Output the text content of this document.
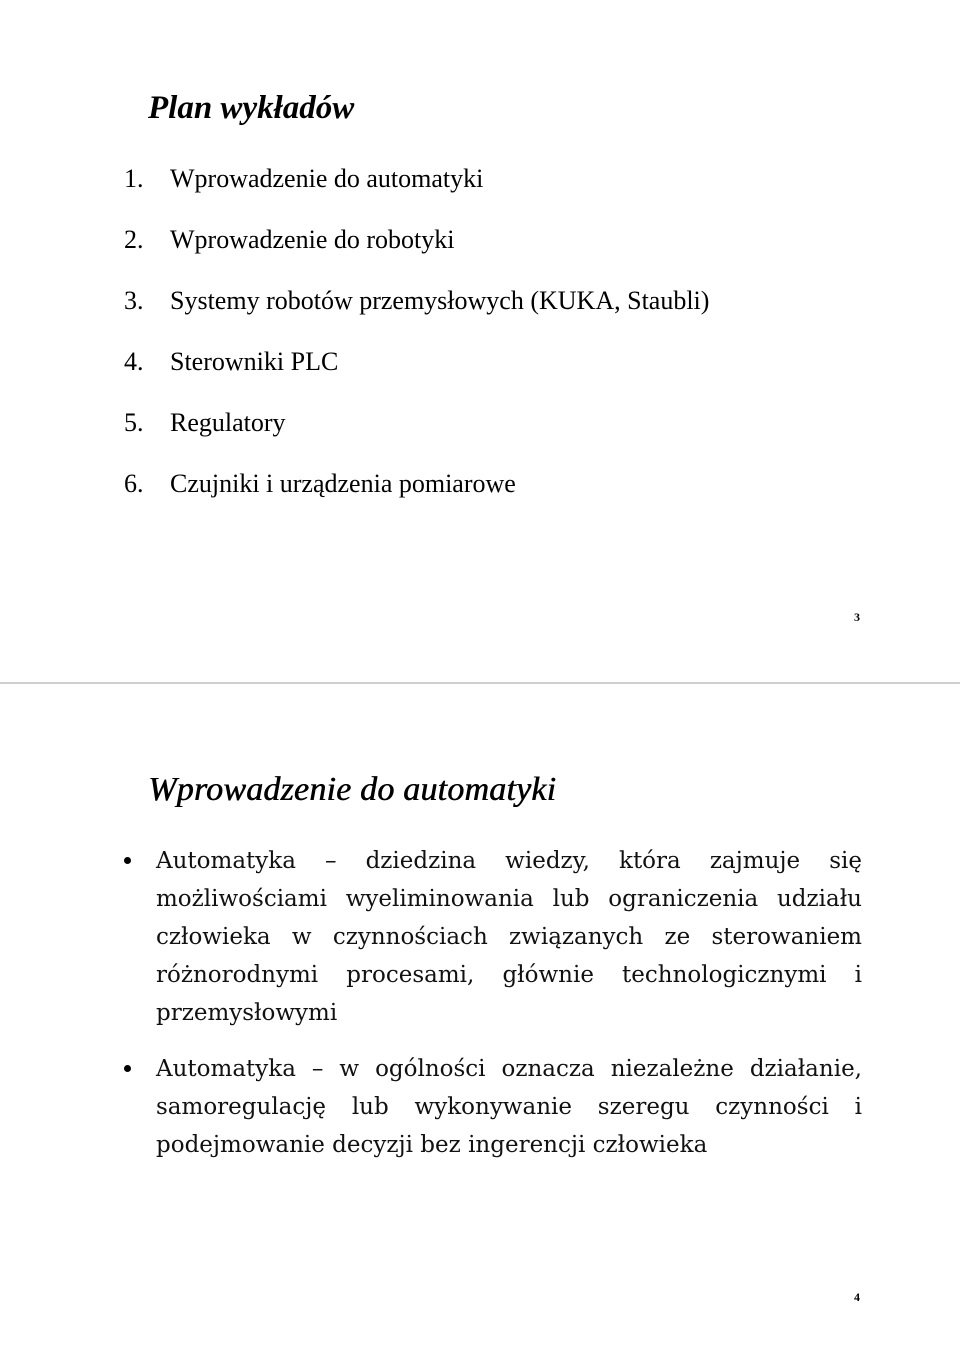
Plan wykładów
1. Wprowadzenie do automatyki
2. Wprowadzenie do robotyki
3. Systemy robotów przemysłowych (KUKA, Staubli)
4. Sterowniki PLC
5. Regulatory
6. Czujniki i urządzenia pomiarowe
3
Wprowadzenie do automatyki
Automatyka – dziedzina wiedzy, która zajmuje się możliwościami wyeliminowania lub ograniczenia udziału człowieka w czynnościach związanych ze sterowaniem różnorodnymi procesami, głównie technologicznymi i przemysłowymi
Automatyka – w ogólności oznacza niezależne działanie, samoregulację lub wykonywanie szeregu czynności i podejmowanie decyzji bez ingerencji człowieka
4
